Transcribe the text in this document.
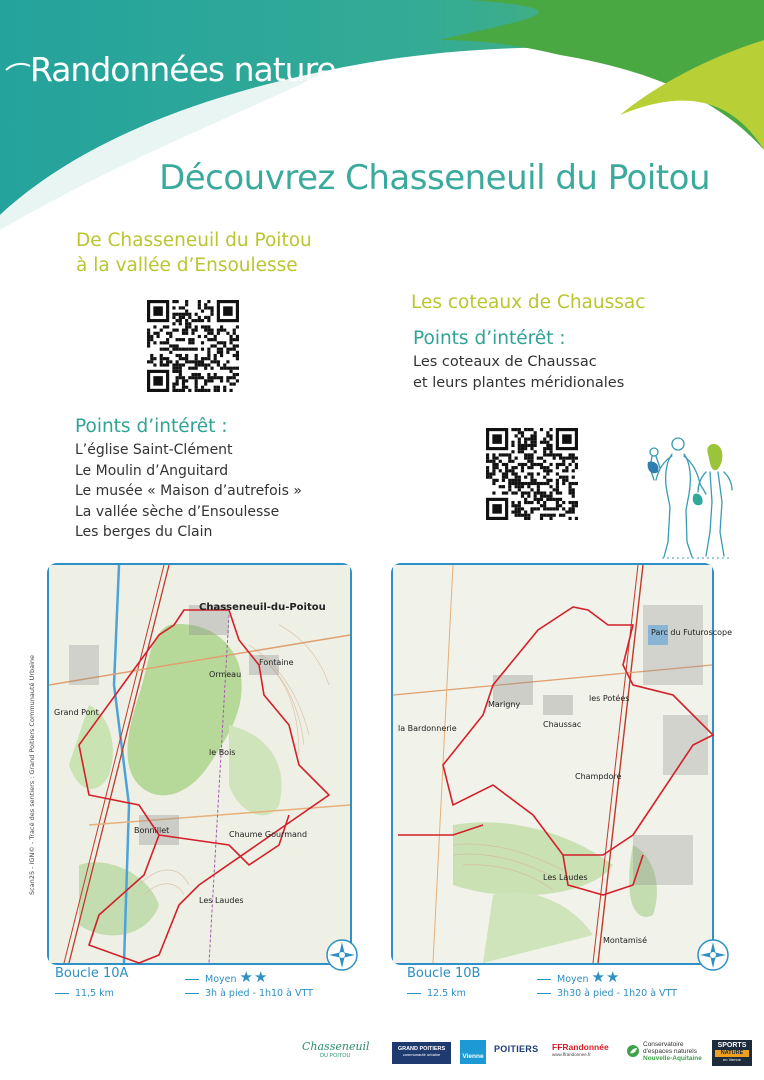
Randonnées nature
Découvrez Chasseneuil du Poitou
De Chasseneuil du Poitou
à la vallée d’Ensoulesse
Points d’intérêt :
L’église Saint-Clément
Le Moulin d’Anguitard
Le musée « Maison d’autrefois »
La vallée sèche d’Ensoulesse
Les berges du Clain
Les coteaux de Chaussac
Points d’intérêt :
Les coteaux de Chaussac
et leurs plantes méridionales
Chasseneuil-du-Poitou
Fontaine
Ormeau
Bonnillet
Grand Pont
Chaume Gourmand
le Bois
Les Laudes
Boucle 10A
11,5 km
Moyen ★★
3h à pied - 1h10 à VTT
Parc du Futuroscope
Marigny
la Bardonnerie
les Potées
Chaussac
Champdoré
Les Laudes
Montamisé
Boucle 10B
12.5 km
Moyen ★★
3h30 à pied - 1h20 à VTT
Scan25 - IGN© - Tracé des sentiers : Grand Poitiers Communauté Urbaine
Chasseneuil
DU POITOU
GRAND POITIERS
communauté urbaine	Vienne
POITIERS	FFRandonnée
www.ffrandonnee.fr
Conservatoire
d'espaces naturels
Nouvelle-Aquitaine
SPORTS
NATURE
en Vienne
